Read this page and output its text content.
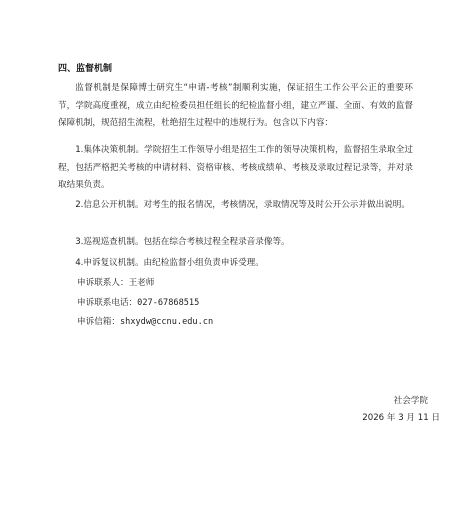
四、监督机制

监督机制是保障博士研究生“申请-考核”制顺利实施，保证招生工作公平公正的重要环节，学院高度重视，成立由纪检委员担任组长的纪检监督小组，建立严谨、全面、有效的监督保障机制，规范招生流程，杜绝招生过程中的违规行为。包含以下内容：

1.集体决策机制。学院招生工作领导小组是招生工作的领导决策机构，监督招生录取全过程，包括严格把关考核的申请材料、资格审核、考核成绩单、考核及录取过程记录等，并对录取结果负责。

2.信息公开机制。对考生的报名情况，考核情况，录取情况等及时公开公示并做出说明。

3.巡视巡查机制。包括在综合考核过程全程录音录像等。

4.申诉复议机制。由纪检监督小组负责申诉受理。

申诉联系人：王老师
申诉联系电话：027-67868515
申诉信箱：shxydw@ccnu.edu.cn
社会学院
2026 年 3 月 11 日
